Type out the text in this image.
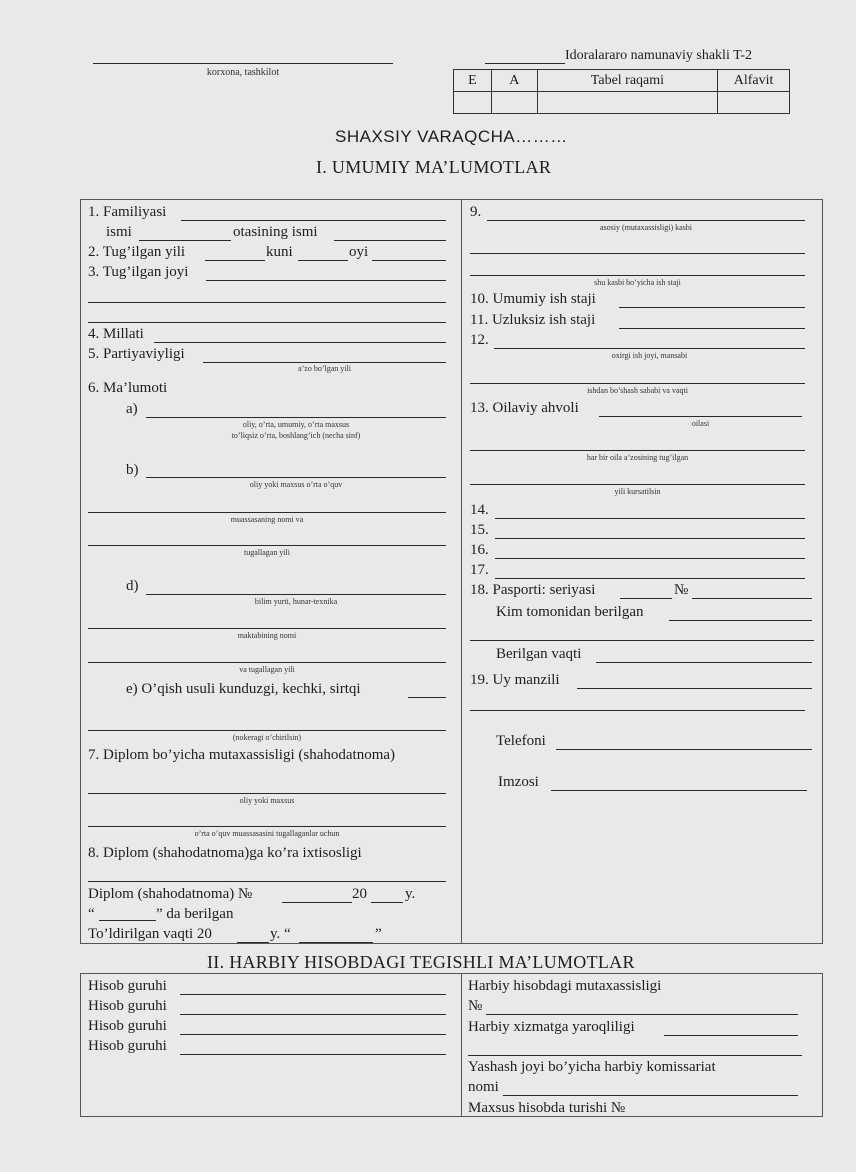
korxona, tashkilot
Idoralararo namunaviy shakli T-2
E	A	Tabel raqami	Alfavit

SHAXSIY VARAQCHA………
I. UMUMIY MA’LUMOTLAR
1. Familiyasi
ismi	otasining ismi
2. Tug’ilgan yili	kuni	oyi
3. Tug’ilgan joyi
4. Millati
5. Partiyaviyligi
a’zo bo’lgan yili
6. Ma’lumoti
a)
oliy, o’rta, umumiy, o’rta maxsus
to’liqsiz o’rta, boshlang’ich (necha sinf)
b)
oliy yoki maxsus o’rta o’quv
muassasaning nomi va
tugallagan yili
d)
bilim yurti, hunar-texnika
maktabining nomi
va tugallagan yili
e) O’qish usuli kunduzgi, kechki, sirtqi
(nokeragi o’chirilsin)
7. Diplom bo’yicha mutaxassisligi (shahodatnoma)
oliy yoki maxsus
o’rta o’quv muassasasini tugallaganlar uchun
8. Diplom (shahodatnoma)ga ko’ra ixtisosligi
Diplom (shahodatnoma) №	20	y.
“	” da berilgan
To’ldirilgan vaqti 20	y. “	”
9.
asosiy (mutaxassisligi) kasbi
shu kasbi bo’yicha ish staji
10. Umumiy ish staji
11. Uzluksiz ish staji
12.
oxirgi ish joyi, mansabi
ishdan bo’shash sababi va vaqti
13. Oilaviy ahvoli
oilasi
har bir oila a’zosining tug’ilgan
yili kursatilsin
14.
15.
16.
17.
18. Pasporti: seriyasi	№
Kim tomonidan berilgan
Berilgan vaqti
19. Uy manzili
Telefoni
Imzosi
II. HARBIY HISOBDAGI TEGISHLI MA’LUMOTLAR
Hisob guruhi
Hisob guruhi
Hisob guruhi
Hisob guruhi
Harbiy hisobdagi mutaxassisligi
№
Harbiy xizmatga yaroqliligi
Yashash joyi bo’yicha harbiy komissariat
nomi
Maxsus hisobda turishi №
